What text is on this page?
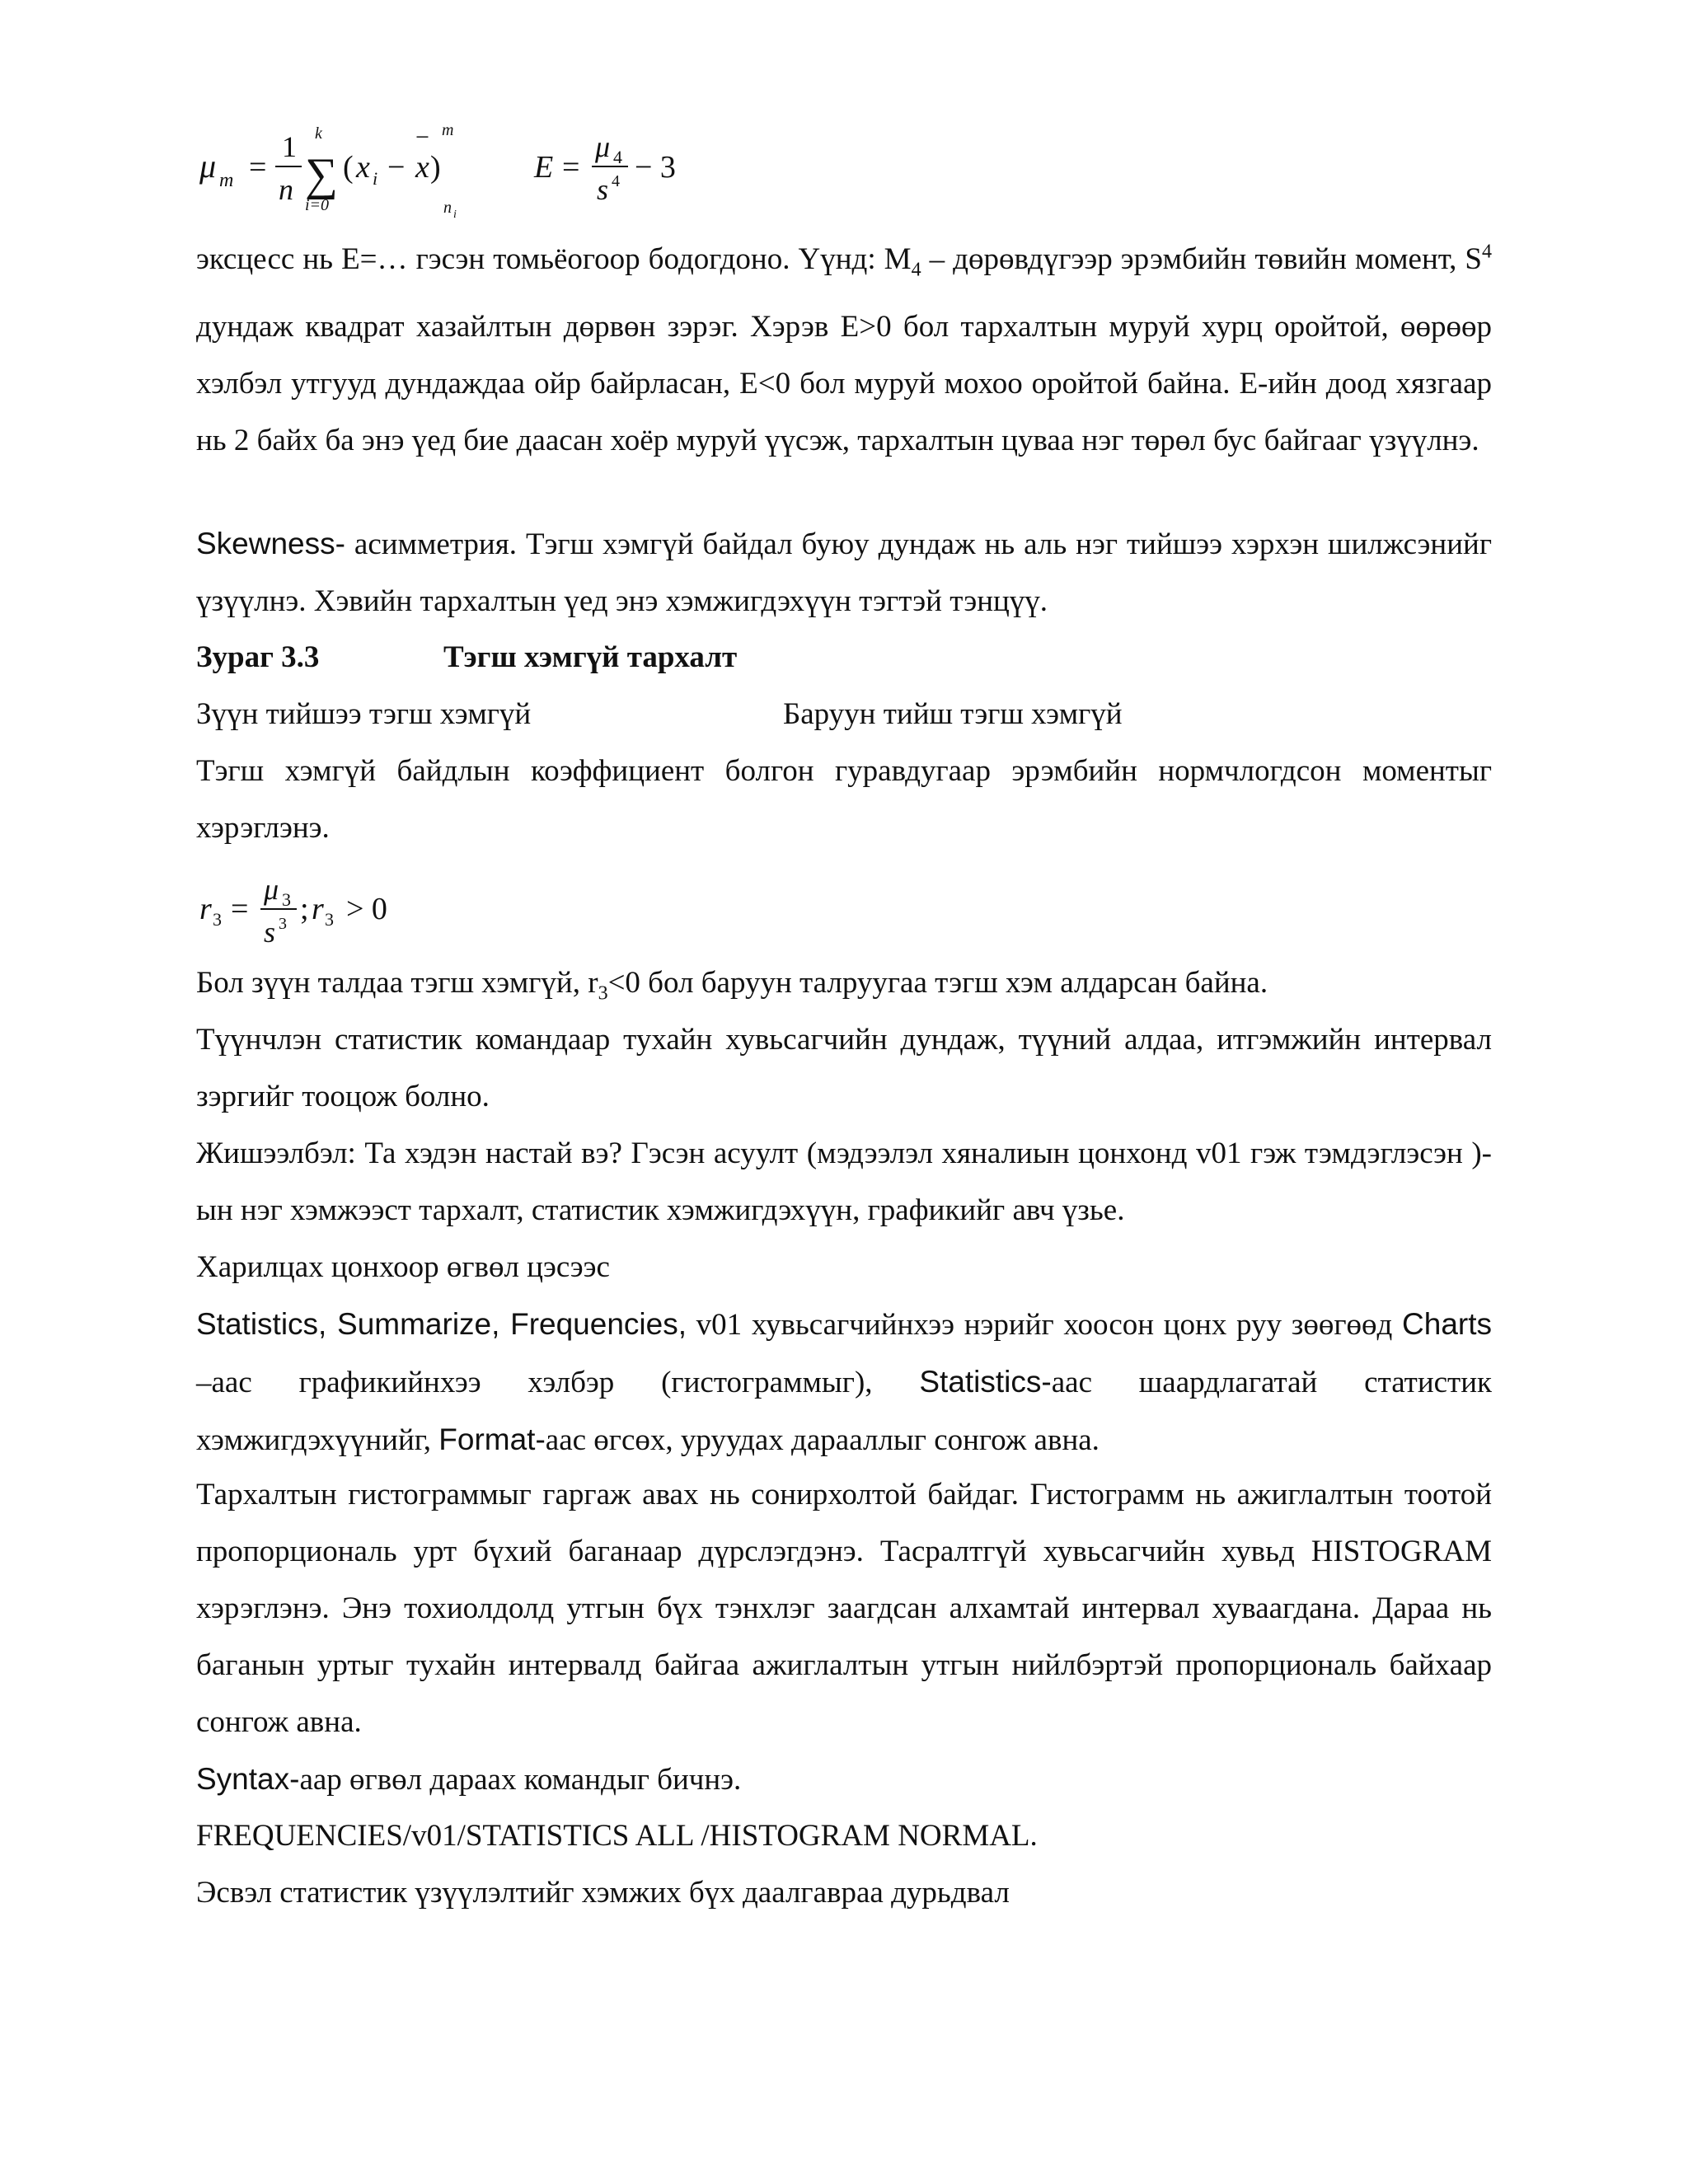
μ m =
1
n ∑
k
i=0
( x i − x
−
)
m
n i
E =
μ 4
s 4 − 3

эксцесс нь E=… гэсэн томьёогоор бодогдоно. Үүнд: $M_4$ – дөрөвдүгээр эрэмбийн төвийн момент, $S^4$ дундаж квадрат хазайлтын дөрвөн зэрэг. Хэрэв E>0 бол тархалтын муруй хурц оройтой, өөрөөр хэлбэл утгууд дундаждаа ойр байрласан, E<0 бол муруй мохоо оройтой байна. E-ийн доод хязгаар нь 2 байх ба энэ үед бие даасан хоёр муруй үүсэж, тархалтын цуваа нэг төрөл бус байгааг үзүүлнэ.

Skewness- асимметрия. Тэгш хэмгүй байдал буюу дундаж нь аль нэг тийшээ хэрхэн шилжсэнийг үзүүлнэ. Хэвийн тархалтын үед энэ хэмжигдэхүүн тэгтэй тэнцүү.

Зураг 3.3	Тэгш хэмгүй тархалт
Зүүн тийшээ тэгш хэмгүй	Баруун тийш тэгш хэмгүй

Тэгш хэмгүй байдлын коэффициент болгон гуравдугаар эрэмбийн нормчлогдсон моментыг хэрэглэнэ.

r 3 =
μ 3
s 3 ; r 3 > 0
Бол зүүн талдаа тэгш хэмгүй, $r_3<0$ бол баруун талруугаа тэгш хэм алдарсан байна.

Түүнчлэн статистик командаар тухайн хувьсагчийн дундаж, түүний алдаа, итгэмжийн интервал зэргийг тооцож болно.

Жишээлбэл: Та хэдэн настай вэ? Гэсэн асуулт (мэдээлэл хяналиын цонхонд v01 гэж тэмдэглэсэн )-ын нэг хэмжээст тархалт, статистик хэмжигдэхүүн, графикийг авч үзье.

Харилцах цонхоор өгвөл цэсээс

Statistics, Summarize, Frequencies, v01 хувьсагчийнхээ нэрийг хоосон цонх руу зөөгөөд Charts –аас графикийнхээ хэлбэр (гистограммыг), Statistics-аас шаардлагатай статистик хэмжигдэхүүнийг, Format-аас өгсөх, уруудах дарааллыг сонгож авна.

Тархалтын гистограммыг гаргаж авах нь сонирхолтой байдаг. Гистограмм нь ажиглалтын тоотой пропорциональ урт бүхий баганаар дүрслэгдэнэ. Тасралтгүй хувьсагчийн хувьд HISTOGRAM хэрэглэнэ. Энэ тохиолдолд утгын бүх тэнхлэг заагдсан алхамтай интервал хуваагдана. Дараа нь баганын уртыг тухайн интервалд байгаа ажиглалтын утгын нийлбэртэй пропорциональ байхаар сонгож авна.

Syntax-аар өгвөл дараах командыг бичнэ.
FREQUENCIES/v01/STATISTICS ALL /HISTOGRAM NORMAL.
Эсвэл статистик үзүүлэлтийг хэмжих бүх даалгавраа дурьдвал
